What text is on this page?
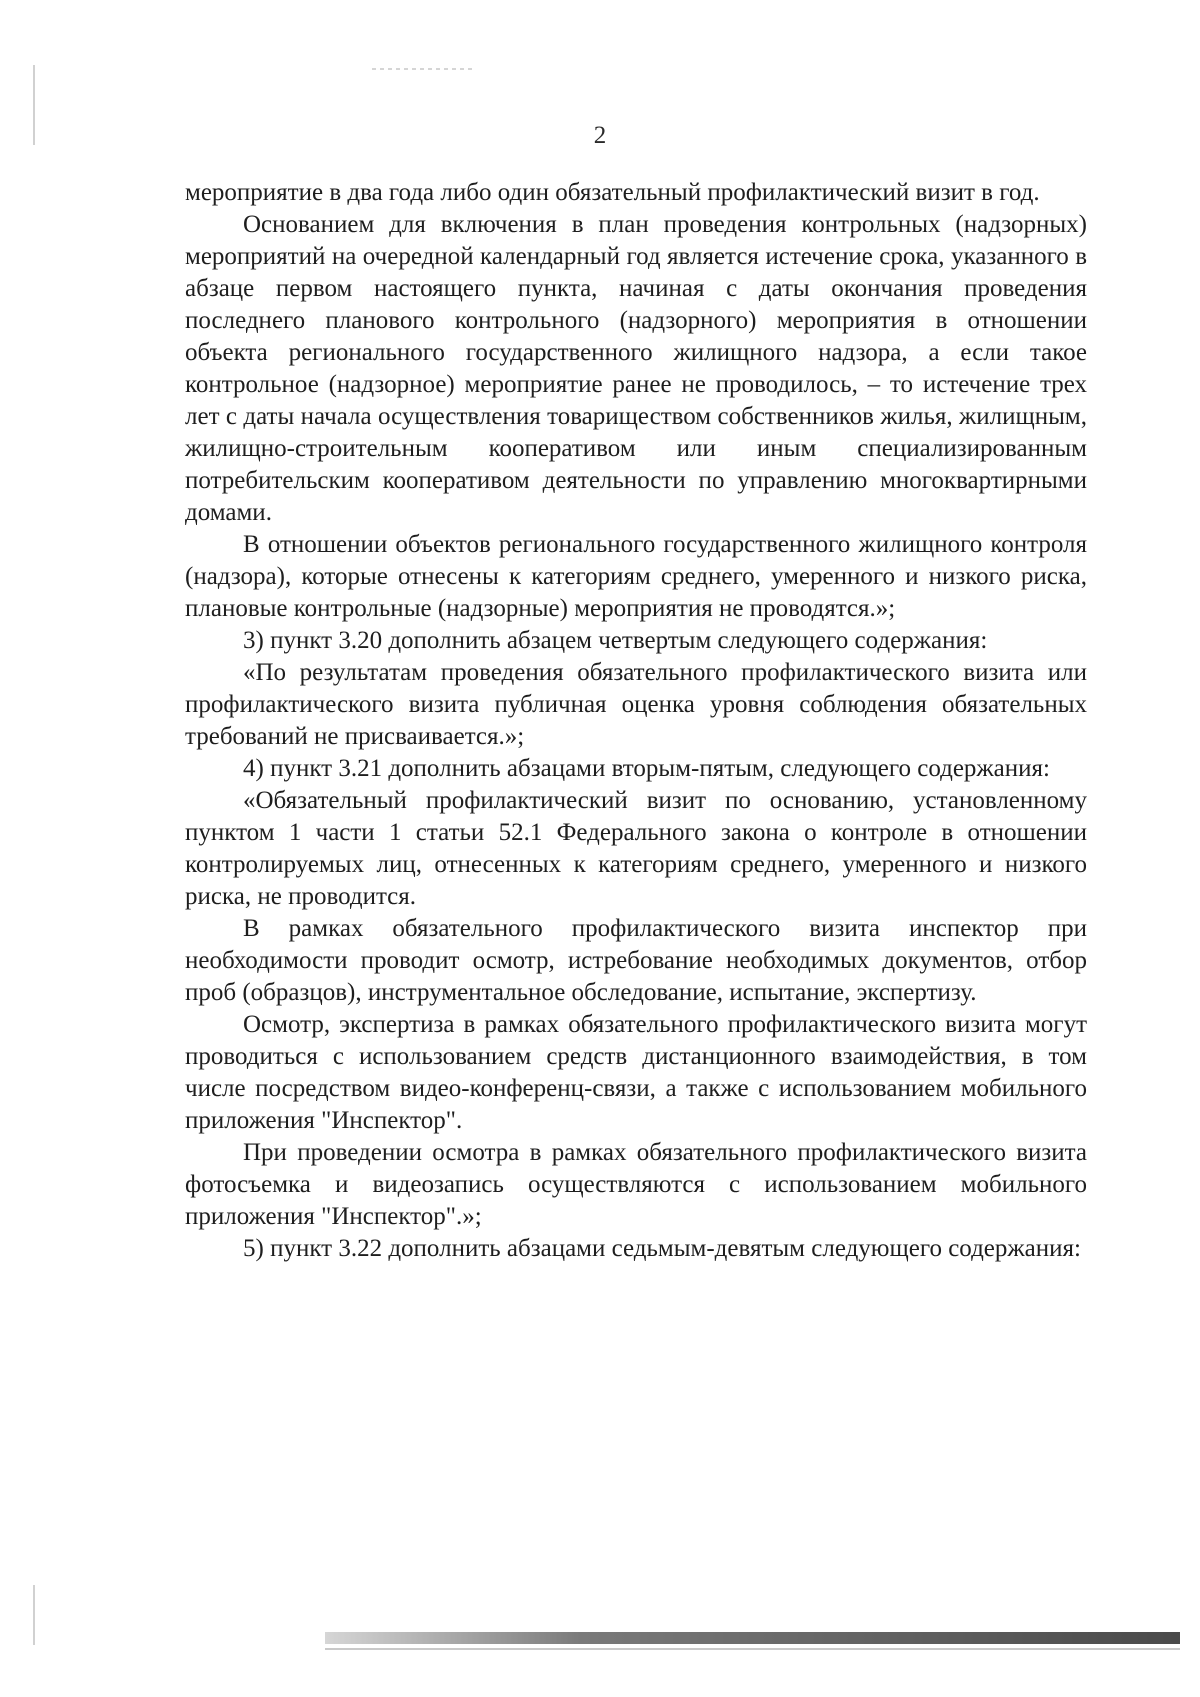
2

мероприятие в два года либо один обязательный профилактический визит в год.

Основанием для включения в план проведения контрольных (надзорных) мероприятий на очередной календарный год является истечение срока, указанного в абзаце первом настоящего пункта, начиная с даты окончания проведения последнего планового контрольного (надзорного) мероприятия в отношении объекта регионального государственного жилищного надзора, а если такое контрольное (надзорное) мероприятие ранее не проводилось, – то истечение трех лет с даты начала осуществления товариществом собственников жилья, жилищным, жилищно-строительным кооперативом или иным специализированным потребительским кооперативом деятельности по управлению многоквартирными домами.

В отношении объектов регионального государственного жилищного контроля (надзора), которые отнесены к категориям среднего, умеренного и низкого риска, плановые контрольные (надзорные) мероприятия не проводятся.»;

3) пункт 3.20 дополнить абзацем четвертым следующего содержания:

«По результатам проведения обязательного профилактического визита или профилактического визита публичная оценка уровня соблюдения обязательных требований не присваивается.»;

4) пункт 3.21 дополнить абзацами вторым-пятым, следующего содержания:

«Обязательный профилактический визит по основанию, установленному пунктом 1 части 1 статьи 52.1 Федерального закона о контроле в отношении контролируемых лиц, отнесенных к категориям среднего, умеренного и низкого риска, не проводится.

В рамках обязательного профилактического визита инспектор при необходимости проводит осмотр, истребование необходимых документов, отбор проб (образцов), инструментальное обследование, испытание, экспертизу.

Осмотр, экспертиза в рамках обязательного профилактического визита могут проводиться с использованием средств дистанционного взаимодействия, в том числе посредством видео-конференц-связи, а также с использованием мобильного приложения "Инспектор".

При проведении осмотра в рамках обязательного профилактического визита фотосъемка и видеозапись осуществляются с использованием мобильного приложения "Инспектор".»;

5) пункт 3.22 дополнить абзацами седьмым-девятым следующего содержания:
